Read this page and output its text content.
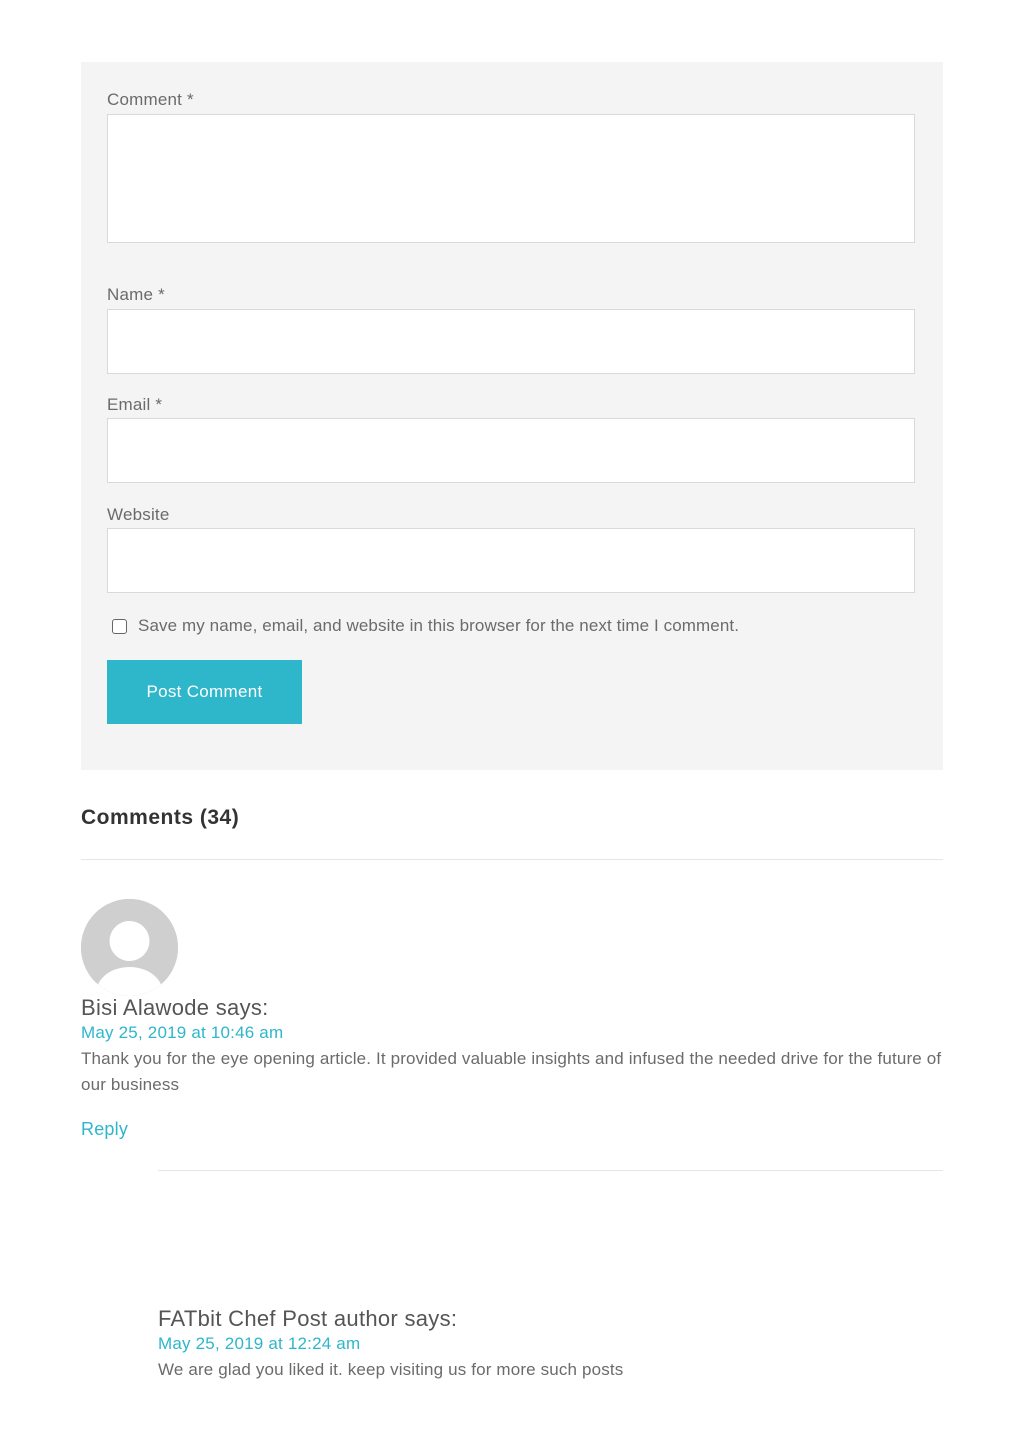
Comment *
Name *
Email *
Website
Save my name, email, and website in this browser for the next time I comment.
Post Comment
Comments (34)
Bisi Alawode says:
May 25, 2019 at 10:46 am
Thank you for the eye opening article. It provided valuable insights and infused the needed drive for the future of our business
Reply
FATbit Chef Post author says:
May 25, 2019 at 12:24 am
We are glad you liked it. keep visiting us for more such posts
